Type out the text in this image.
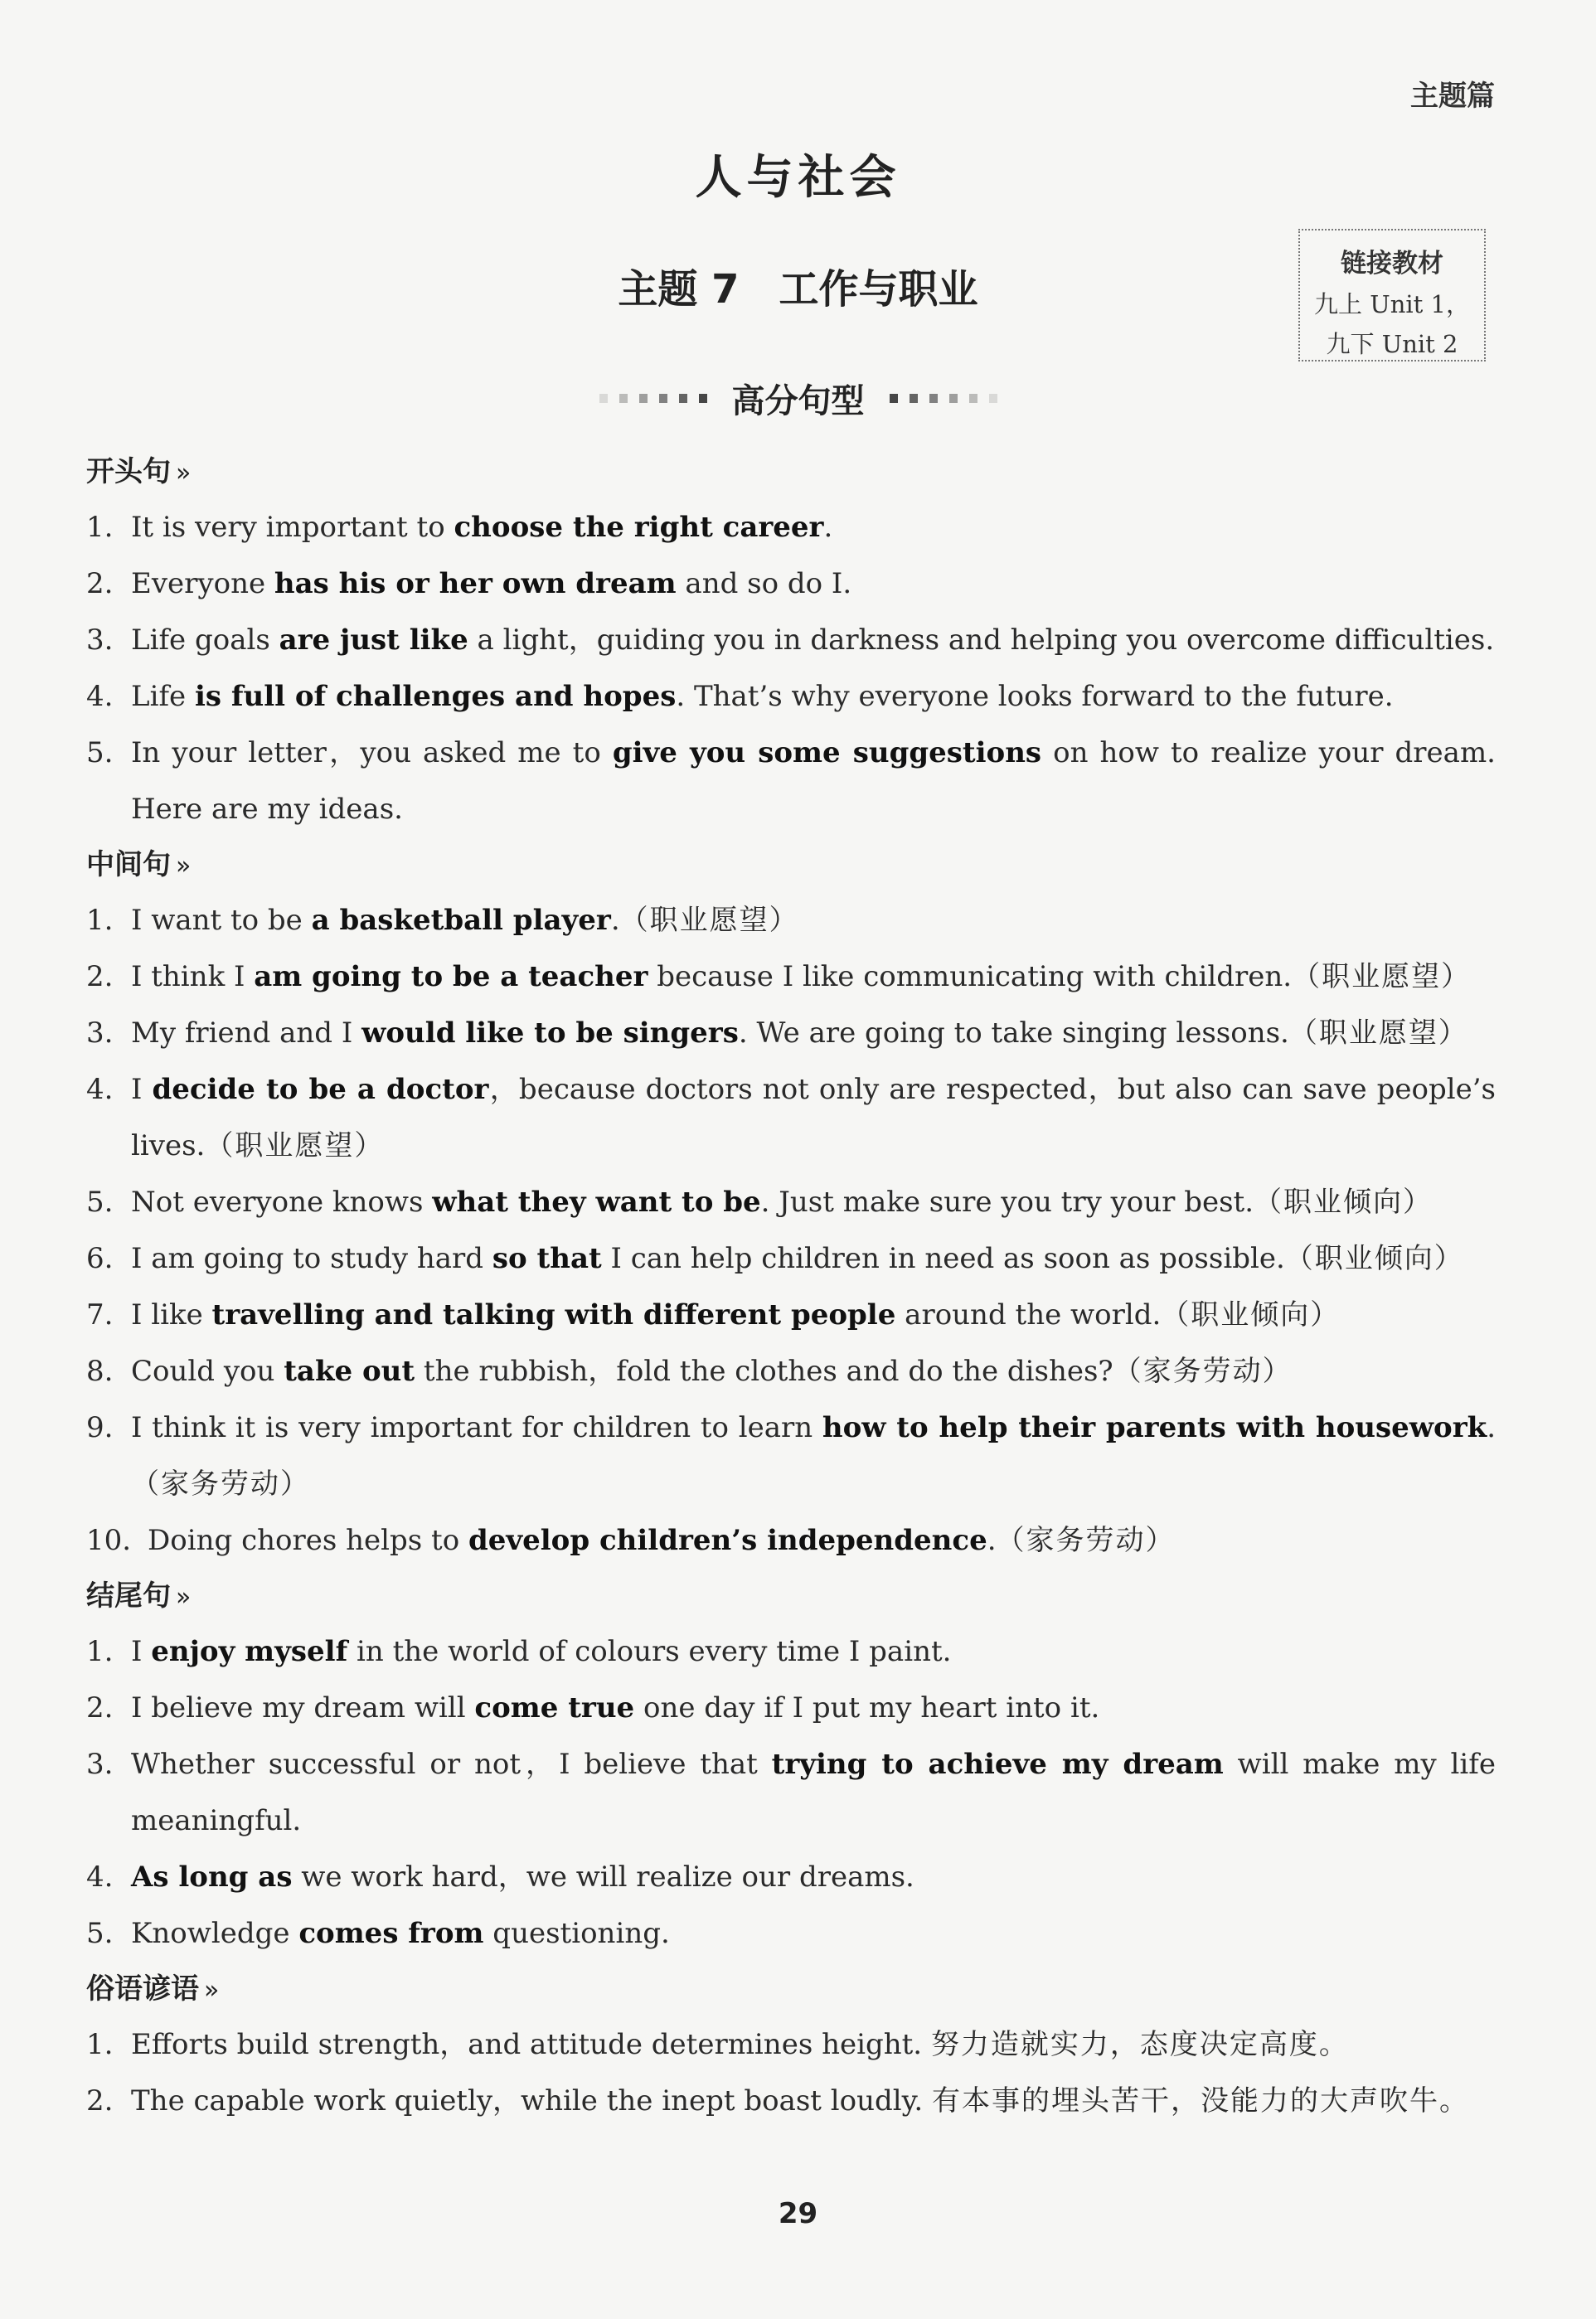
主题篇
人与社会
主题 7 工作与职业
链接教材
九上 Unit 1，
九下 Unit 2
高分句型
开头句 »
1. It is very important to choose the right career.
2. Everyone has his or her own dream and so do I.
3. Life goals are just like a light，guiding you in darkness and helping you overcome difficulties.
4. Life is full of challenges and hopes. That’s why everyone looks forward to the future.
5. In your letter，you asked me to give you some suggestions on how to realize your dream. Here are my ideas.
中间句 »
1. I want to be a basketball player.（职业愿望）
2. I think I am going to be a teacher because I like communicating with children.（职业愿望）
3. My friend and I would like to be singers. We are going to take singing lessons.（职业愿望）
4. I decide to be a doctor，because doctors not only are respected，but also can save people’s lives.（职业愿望）
5. Not everyone knows what they want to be. Just make sure you try your best.（职业倾向）
6. I am going to study hard so that I can help children in need as soon as possible.（职业倾向）
7. I like travelling and talking with different people around the world.（职业倾向）
8. Could you take out the rubbish，fold the clothes and do the dishes?（家务劳动）
9. I think it is very important for children to learn how to help their parents with housework.（家务劳动）
10. Doing chores helps to develop children’s independence.（家务劳动）
结尾句 »
1. I enjoy myself in the world of colours every time I paint.
2. I believe my dream will come true one day if I put my heart into it.
3. Whether successful or not，I believe that trying to achieve my dream will make my life meaningful.
4. As long as we work hard，we will realize our dreams.
5. Knowledge comes from questioning.
俗语谚语 »
1. Efforts build strength，and attitude determines height. 努力造就实力，态度决定高度。
2. The capable work quietly，while the inept boast loudly. 有本事的埋头苦干，没能力的大声吹牛。
29
